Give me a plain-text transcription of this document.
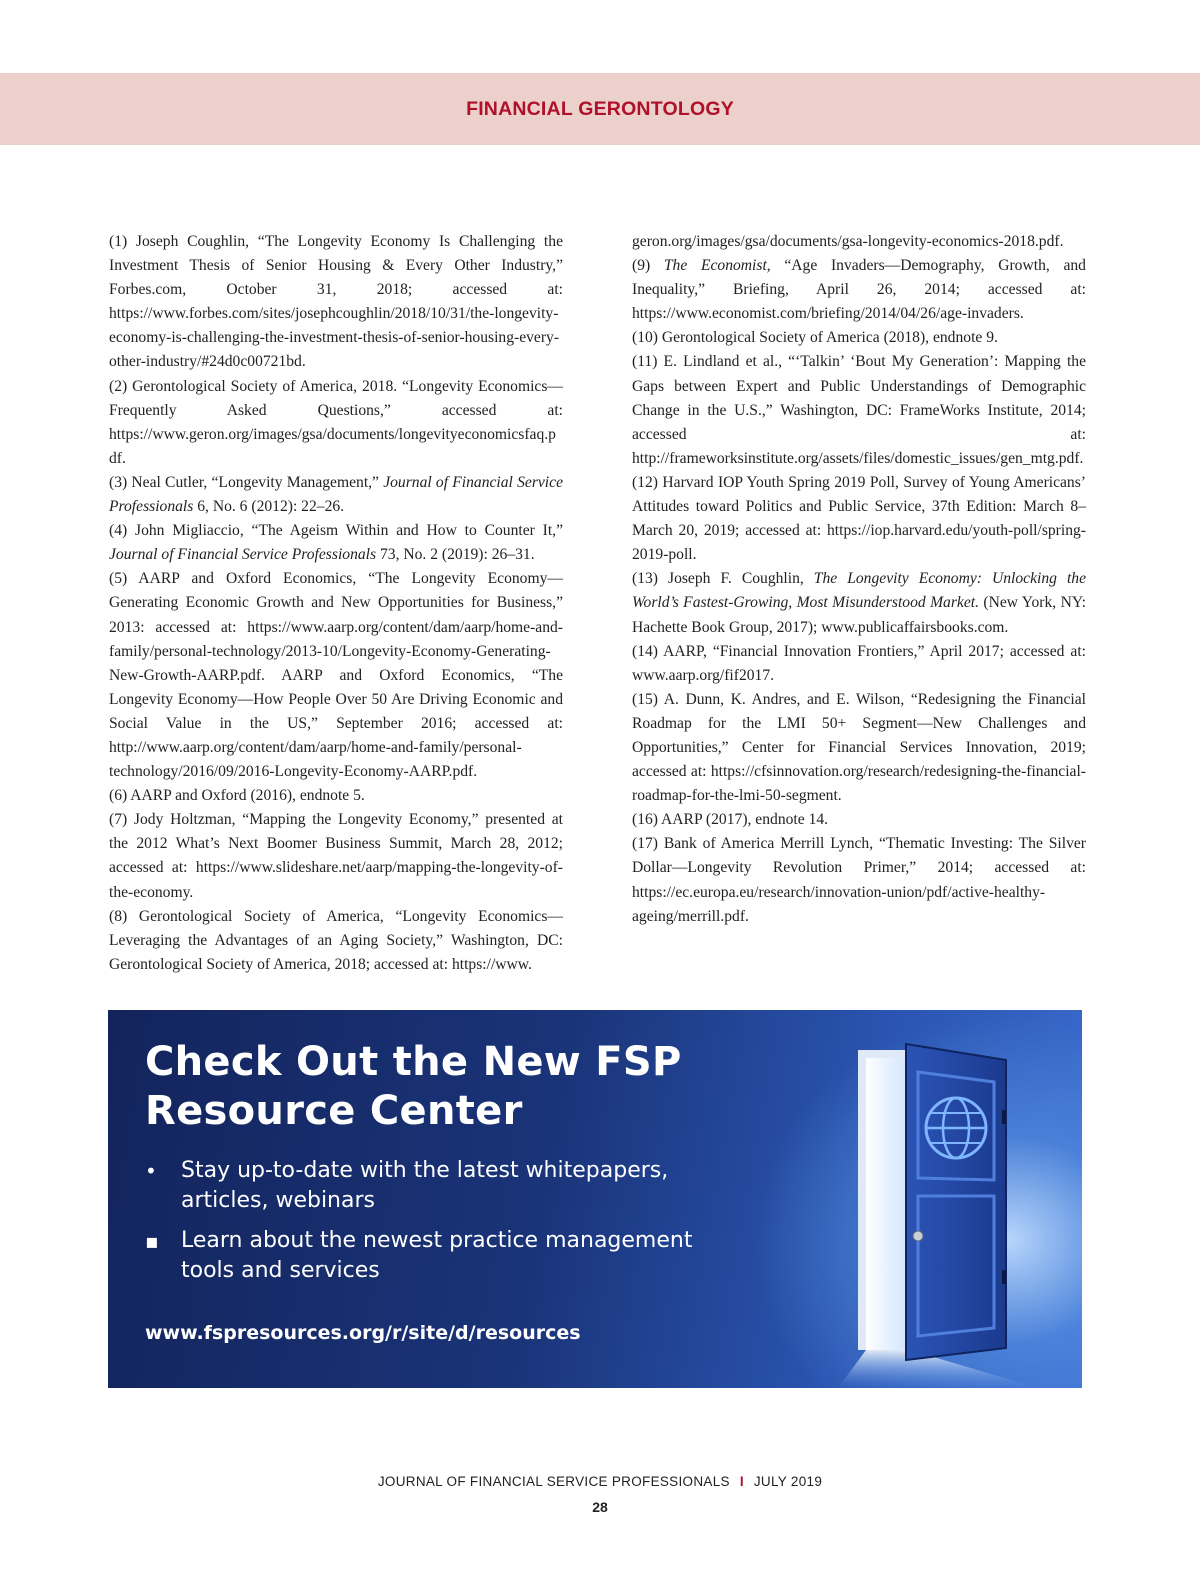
FINANCIAL GERONTOLOGY

(1) Joseph Coughlin, “The Longevity Economy Is Challenging the Investment Thesis of Senior Housing & Every Other Industry,” Forbes.com, October 31, 2018; accessed at: https://www.forbes.com/sites/josephcoughlin/2018/10/31/the-longevity-economy-is-challenging-the-investment-thesis-of-senior-housing-every-other-industry/#24d0c00721bd.

(2) Gerontological Society of America, 2018. “Longevity Economics—Frequently Asked Questions,” accessed at: https://www.geron.org/images/gsa/documents/longevityeconomicsfaq.pdf.

(3) Neal Cutler, “Longevity Management,” Journal of Financial Service Professionals 6, No. 6 (2012): 22–26.

(4) John Migliaccio, “The Ageism Within and How to Counter It,” Journal of Financial Service Professionals 73, No. 2 (2019): 26–31.

(5) AARP and Oxford Economics, “The Longevity Economy—Generating Economic Growth and New Opportunities for Business,” 2013: accessed at: https://www.aarp.org/content/dam/aarp/home-and-family/personal-technology/2013-10/Longevity-Economy-Generating-New-Growth-AARP.pdf. AARP and Oxford Economics, “The Longevity Economy—How People Over 50 Are Driving Economic and Social Value in the US,” September 2016; accessed at: http://www.aarp.org/content/dam/aarp/home-and-family/personal-technology/2016/09/2016-Longevity-Economy-AARP.pdf.

(6) AARP and Oxford (2016), endnote 5.

(7) Jody Holtzman, “Mapping the Longevity Economy,” presented at the 2012 What’s Next Boomer Business Summit, March 28, 2012; accessed at: https://www.slideshare.net/aarp/mapping-the-longevity-of-the-economy.

(8) Gerontological Society of America, “Longevity Economics—Leveraging the Advantages of an Aging Society,” Washington, DC: Gerontological Society of America, 2018; accessed at: https://www.

geron.org/images/gsa/documents/gsa-longevity-economics-2018.pdf.

(9) The Economist, “Age Invaders—Demography, Growth, and Inequality,” Briefing, April 26, 2014; accessed at: https://www.economist.com/briefing/2014/04/26/age-invaders.

(10) Gerontological Society of America (2018), endnote 9.

(11) E. Lindland et al., “‘Talkin’ ‘Bout My Generation’: Mapping the Gaps between Expert and Public Understandings of Demographic Change in the U.S.,” Washington, DC: FrameWorks Institute, 2014; accessed at: http://frameworksinstitute.org/assets/files/domestic_issues/gen_mtg.pdf.

(12) Harvard IOP Youth Spring 2019 Poll, Survey of Young Americans’ Attitudes toward Politics and Public Service, 37th Edition: March 8–March 20, 2019; accessed at: https://iop.harvard.edu/youth-poll/spring-2019-poll.

(13) Joseph F. Coughlin, The Longevity Economy: Unlocking the World’s Fastest-Growing, Most Misunderstood Market. (New York, NY: Hachette Book Group, 2017); www.publicaffairsbooks.com.

(14) AARP, “Financial Innovation Frontiers,” April 2017; accessed at: www.aarp.org/fif2017.

(15) A. Dunn, K. Andres, and E. Wilson, “Redesigning the Financial Roadmap for the LMI 50+ Segment—New Challenges and Opportunities,” Center for Financial Services Innovation, 2019; accessed at: https://cfsinnovation.org/research/redesigning-the-financial-roadmap-for-the-lmi-50-segment.

(16) AARP (2017), endnote 14.

(17) Bank of America Merrill Lynch, “Thematic Investing: The Silver Dollar—Longevity Revolution Primer,” 2014; accessed at: https://ec.europa.eu/research/innovation-union/pdf/active-healthy-ageing/merrill.pdf.

Check Out the New FSP
Resource Center
• Stay up-to-date with the latest whitepapers, articles, webinars
▪ Learn about the newest practice management tools and services
www.fspresources.org/r/site/d/resources
JOURNAL OF FINANCIAL SERVICE PROFESSIONALS I JULY 2019
28
